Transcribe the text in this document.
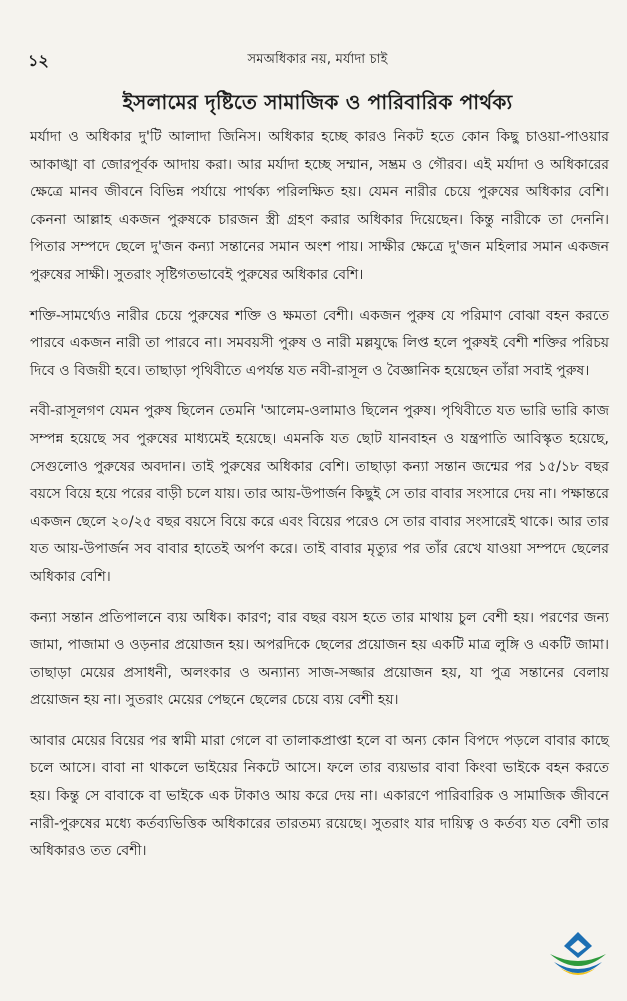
১২	সমঅধিকার নয়, মর্যাদা চাই
ইসলামের দৃষ্টিতে সামাজিক ও পারিবারিক পার্থক্য

মর্যাদা ও অধিকার দু'টি আলাদা জিনিস। অধিকার হচ্ছে কারও নিকট হতে কোন কিছু চাওয়া-পাওয়ার আকাঙ্খা বা জোরপূর্বক আদায় করা। আর মর্যাদা হচ্ছে সম্মান, সম্ভ্রম ও গৌরব। এই মর্যাদা ও অধিকারের ক্ষেত্রে মানব জীবনে বিভিন্ন পর্যায়ে পার্থক্য পরিলক্ষিত হয়। যেমন নারীর চেয়ে পুরুষের অধিকার বেশি। কেননা আল্লাহ একজন পুরুষকে চারজন স্ত্রী গ্রহণ করার অধিকার দিয়েছেন। কিন্তু নারীকে তা দেননি। পিতার সম্পদে ছেলে দু'জন কন্যা সন্তানের সমান অংশ পায়। সাক্ষীর ক্ষেত্রে দু'জন মহিলার সমান একজন পুরুষের সাক্ষী। সুতরাং সৃষ্টিগতভাবেই পুরুষের অধিকার বেশি।

শক্তি-সামর্থ্যেও নারীর চেয়ে পুরুষের শক্তি ও ক্ষমতা বেশী। একজন পুরুষ যে পরিমাণ বোঝা বহন করতে পারবে একজন নারী তা পারবে না। সমবয়সী পুরুষ ও নারী মল্লযুদ্ধে লিপ্ত হলে পুরুষই বেশী শক্তির পরিচয় দিবে ও বিজয়ী হবে। তাছাড়া পৃথিবীতে এপর্যন্ত যত নবী-রাসূল ও বৈজ্ঞানিক হয়েছেন তাঁরা সবাই পুরুষ।

নবী-রাসূলগণ যেমন পুরুষ ছিলেন তেমনি 'আলেম-ওলামাও ছিলেন পুরুষ। পৃথিবীতে যত ভারি ভারি কাজ সম্পন্ন হয়েছে সব পুরুষের মাধ্যমেই হয়েছে। এমনকি যত ছোট যানবাহন ও যন্ত্রপাতি আবিস্কৃত হয়েছে, সেগুলোও পুরুষের অবদান। তাই পুরুষের অধিকার বেশি। তাছাড়া কন্যা সন্তান জন্মের পর ১৫/১৮ বছর বয়সে বিয়ে হয়ে পরের বাড়ী চলে যায়। তার আয়-উপার্জন কিছুই সে তার বাবার সংসারে দেয় না। পক্ষান্তরে একজন ছেলে ২০/২৫ বছর বয়সে বিয়ে করে এবং বিয়ের পরেও সে তার বাবার সংসারেই থাকে। আর তার যত আয়-উপার্জন সব বাবার হাতেই অর্পণ করে। তাই বাবার মৃত্যুর পর তাঁর রেখে যাওয়া সম্পদে ছেলের অধিকার বেশি।

কন্যা সন্তান প্রতিপালনে ব্যয় অধিক। কারণ; বার বছর বয়স হতে তার মাথায় চুল বেশী হয়। পরণের জন্য জামা, পাজামা ও ওড়নার প্রয়োজন হয়। অপরদিকে ছেলের প্রয়োজন হয় একটি মাত্র লুঙ্গি ও একটি জামা। তাছাড়া মেয়ের প্রসাধনী, অলংকার ও অন্যান্য সাজ-সজ্জার প্রয়োজন হয়, যা পুত্র সন্তানের বেলায় প্রয়োজন হয় না। সুতরাং মেয়ের পেছনে ছেলের চেয়ে ব্যয় বেশী হয়।

আবার মেয়ের বিয়ের পর স্বামী মারা গেলে বা তালাকপ্রাপ্তা হলে বা অন্য কোন বিপদে পড়লে বাবার কাছে চলে আসে। বাবা না থাকলে ভাইয়ের নিকটে আসে। ফলে তার ব্যয়ভার বাবা কিংবা ভাইকে বহন করতে হয়। কিন্তু সে বাবাকে বা ভাইকে এক টাকাও আয় করে দেয় না। একারণে পারিবারিক ও সামাজিক জীবনে নারী-পুরুষের মধ্যে কর্তব্যভিত্তিক অধিকারের তারতম্য রয়েছে। সুতরাং যার দায়িত্ব ও কর্তব্য যত বেশী তার অধিকারও তত বেশী।
